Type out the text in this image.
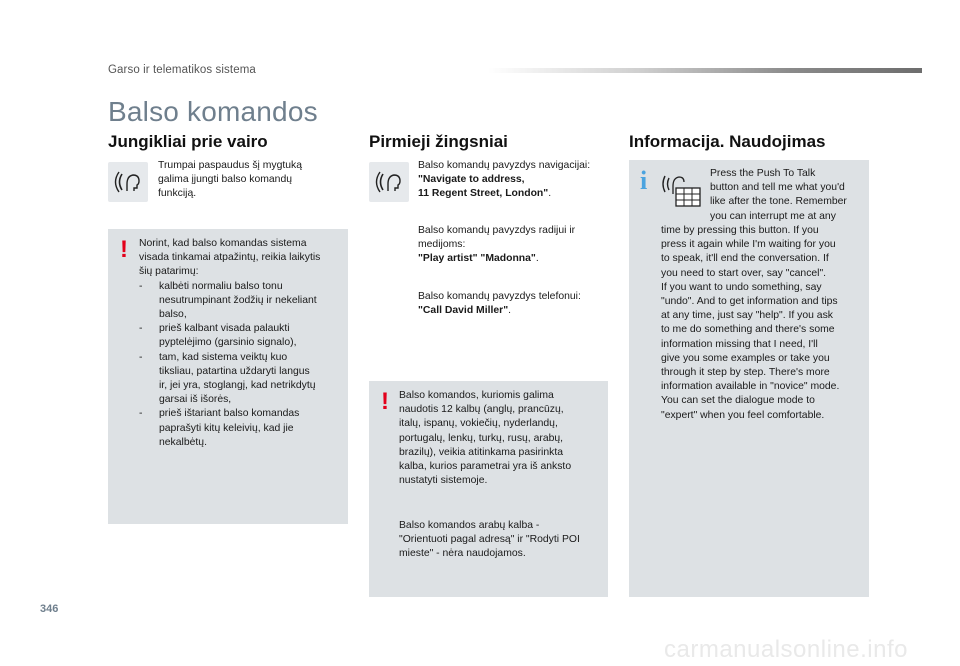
Garso ir telematikos sistema
Balso komandos
Jungikliai prie vairo
Trumpai paspaudus šį mygtuką
galima įjungti balso komandų
funkciją.
! Norint, kad balso komandas sistema
visada tinkamai atpažintų, reikia laikytis
šių patarimų:
- kalbėti normaliu balso tonu
nesutrumpinant žodžių ir nekeliant
balso,
- prieš kalbant visada palaukti
pyptelėjimo (garsinio signalo),
- tam, kad sistema veiktų kuo
tiksliau, patartina uždaryti langus
ir, jei yra, stoglangį, kad netrikdytų
garsai iš išorės,
- prieš ištariant balso komandas
paprašyti kitų keleivių, kad jie
nekalbėtų.
Pirmieji žingsniai
Balso komandų pavyzdys navigacijai:
"Navigate to address,
11 Regent Street, London".
Balso komandų pavyzdys radijui ir
medijoms:
"Play artist" "Madonna".
Balso komandų pavyzdys telefonui:
"Call David Miller".
! Balso komandos, kuriomis galima
naudotis 12 kalbų (anglų, prancūzų,
italų, ispanų, vokiečių, nyderlandų,
portugalų, lenkų, turkų, rusų, arabų,
brazilų), veikia atitinkama pasirinkta
kalba, kurios parametrai yra iš anksto
nustatyti sistemoje.
Balso komandos arabų kalba -
"Orientuoti pagal adresą" ir "Rodyti POI
mieste" - nėra naudojamos.
Informacija. Naudojimas
i	Press the Push To Talk
button and tell me what you'd
like after the tone. Remember
you can interrupt me at any
time by pressing this button. If you
press it again while I'm waiting for you
to speak, it'll end the conversation. If
you need to start over, say "cancel".
If you want to undo something, say
"undo". And to get information and tips
at any time, just say "help". If you ask
to me do something and there's some
information missing that I need, I'll
give you some examples or take you
through it step by step. There's more
information available in "novice" mode.
You can set the dialogue mode to
"expert" when you feel comfortable.
346
carmanualsonline.info
